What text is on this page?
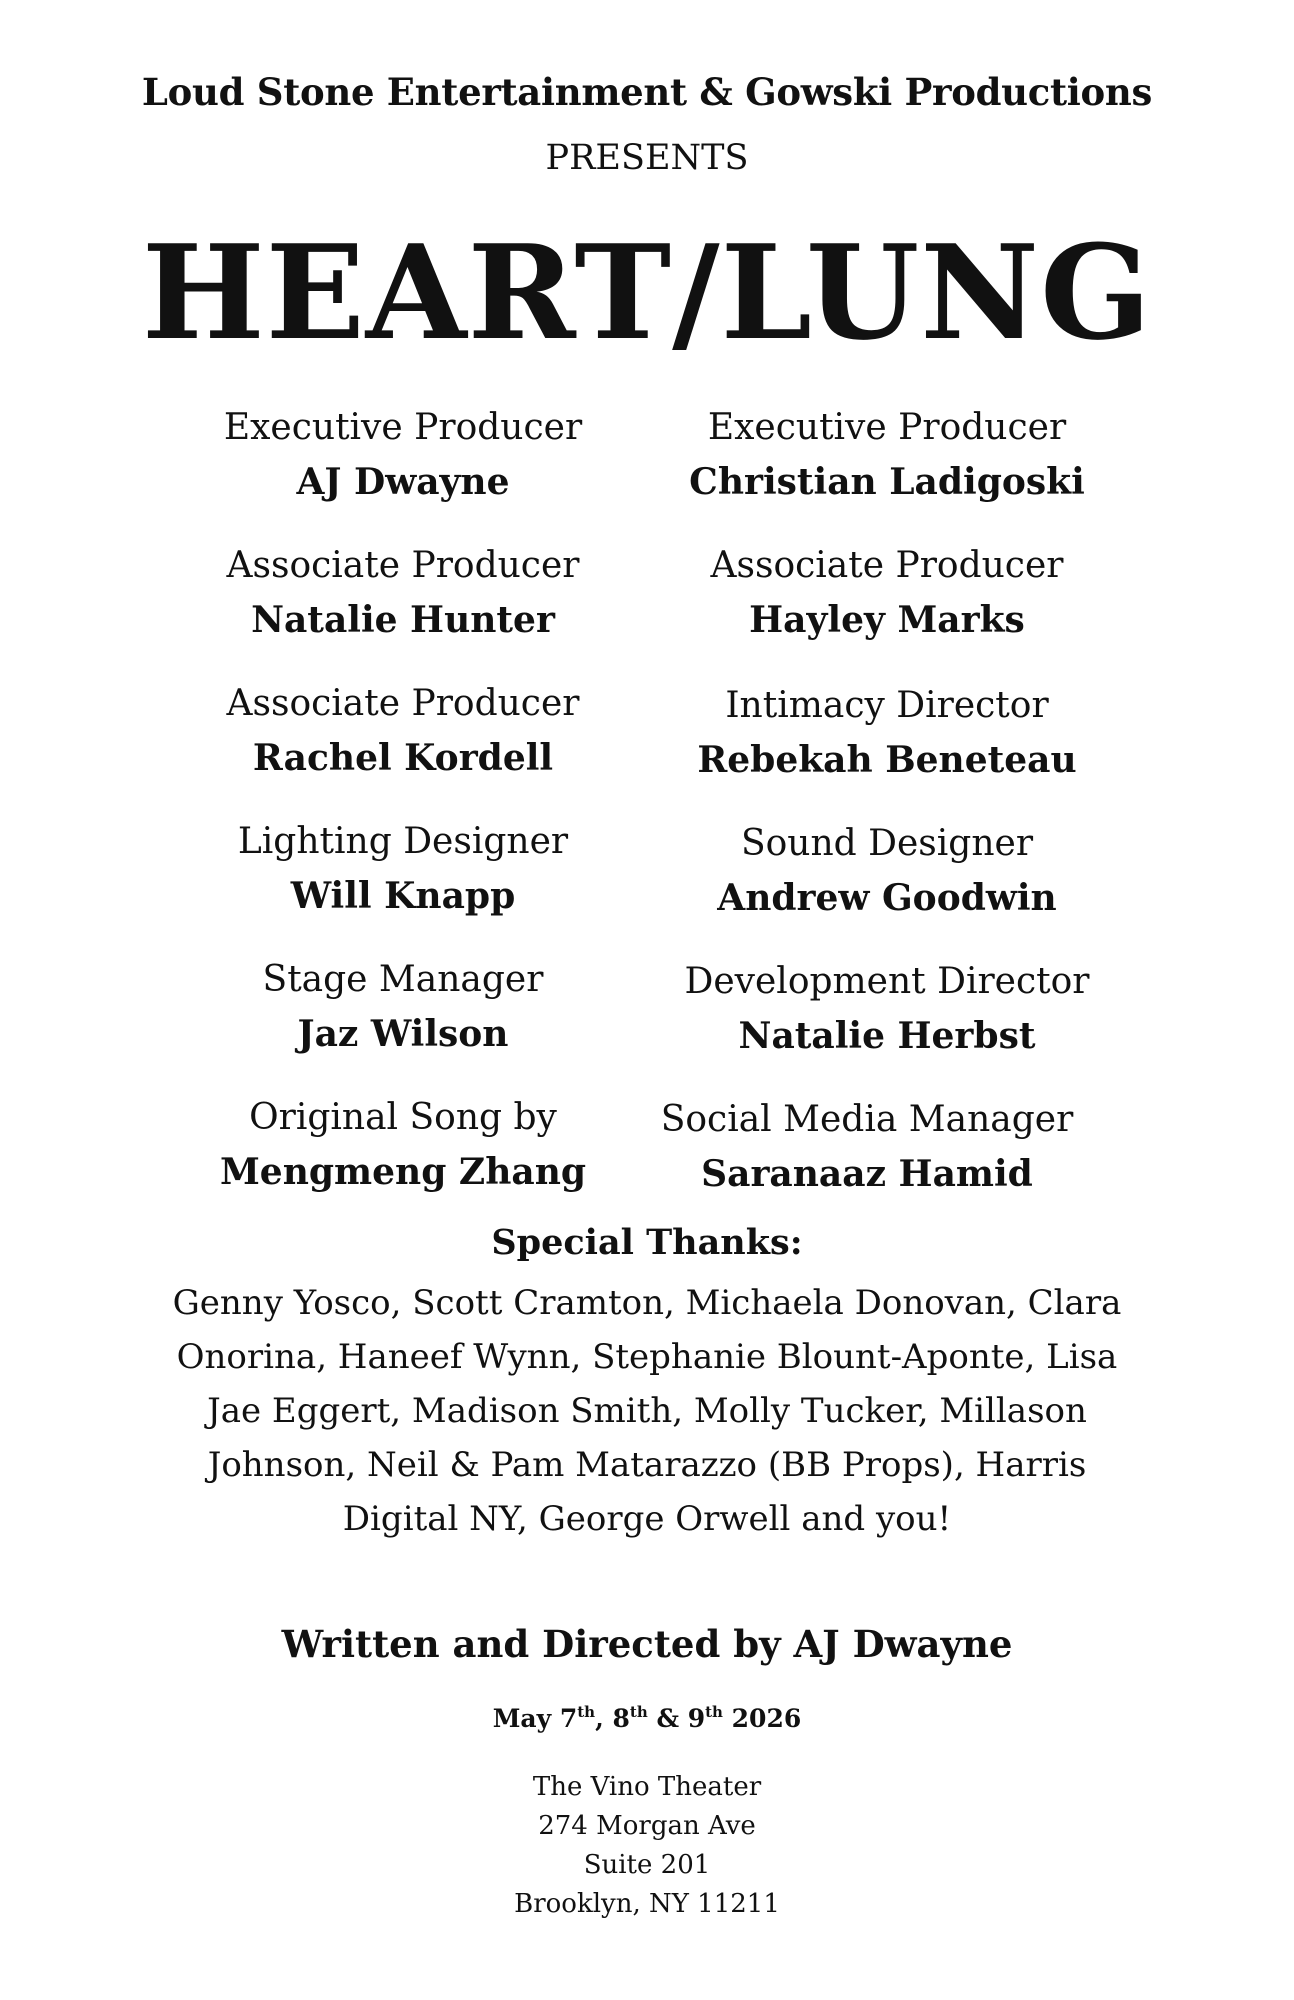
Loud Stone Entertainment & Gowski Productions
PRESENTS
HEART/LUNG
Executive Producer
AJ Dwayne
Associate Producer
Natalie Hunter
Associate Producer
Rachel Kordell
Lighting Designer
Will Knapp
Stage Manager
Jaz Wilson
Original Song by
Mengmeng Zhang
Executive Producer
Christian Ladigoski
Associate Producer
Hayley Marks
Intimacy Director
Rebekah Beneteau
Sound Designer
Andrew Goodwin
Development Director
Natalie Herbst
Social Media Manager
Saranaaz Hamid
Special Thanks:
Genny Yosco, Scott Cramton, Michaela Donovan, Clara
Onorina, Haneef Wynn, Stephanie Blount-Aponte, Lisa
Jae Eggert, Madison Smith, Molly Tucker, Millason
Johnson, Neil & Pam Matarazzo (BB Props), Harris
Digital NY, George Orwell and you!
Written and Directed by AJ Dwayne
May 7th, 8th & 9th 2026
The Vino Theater
274 Morgan Ave
Suite 201
Brooklyn, NY 11211
